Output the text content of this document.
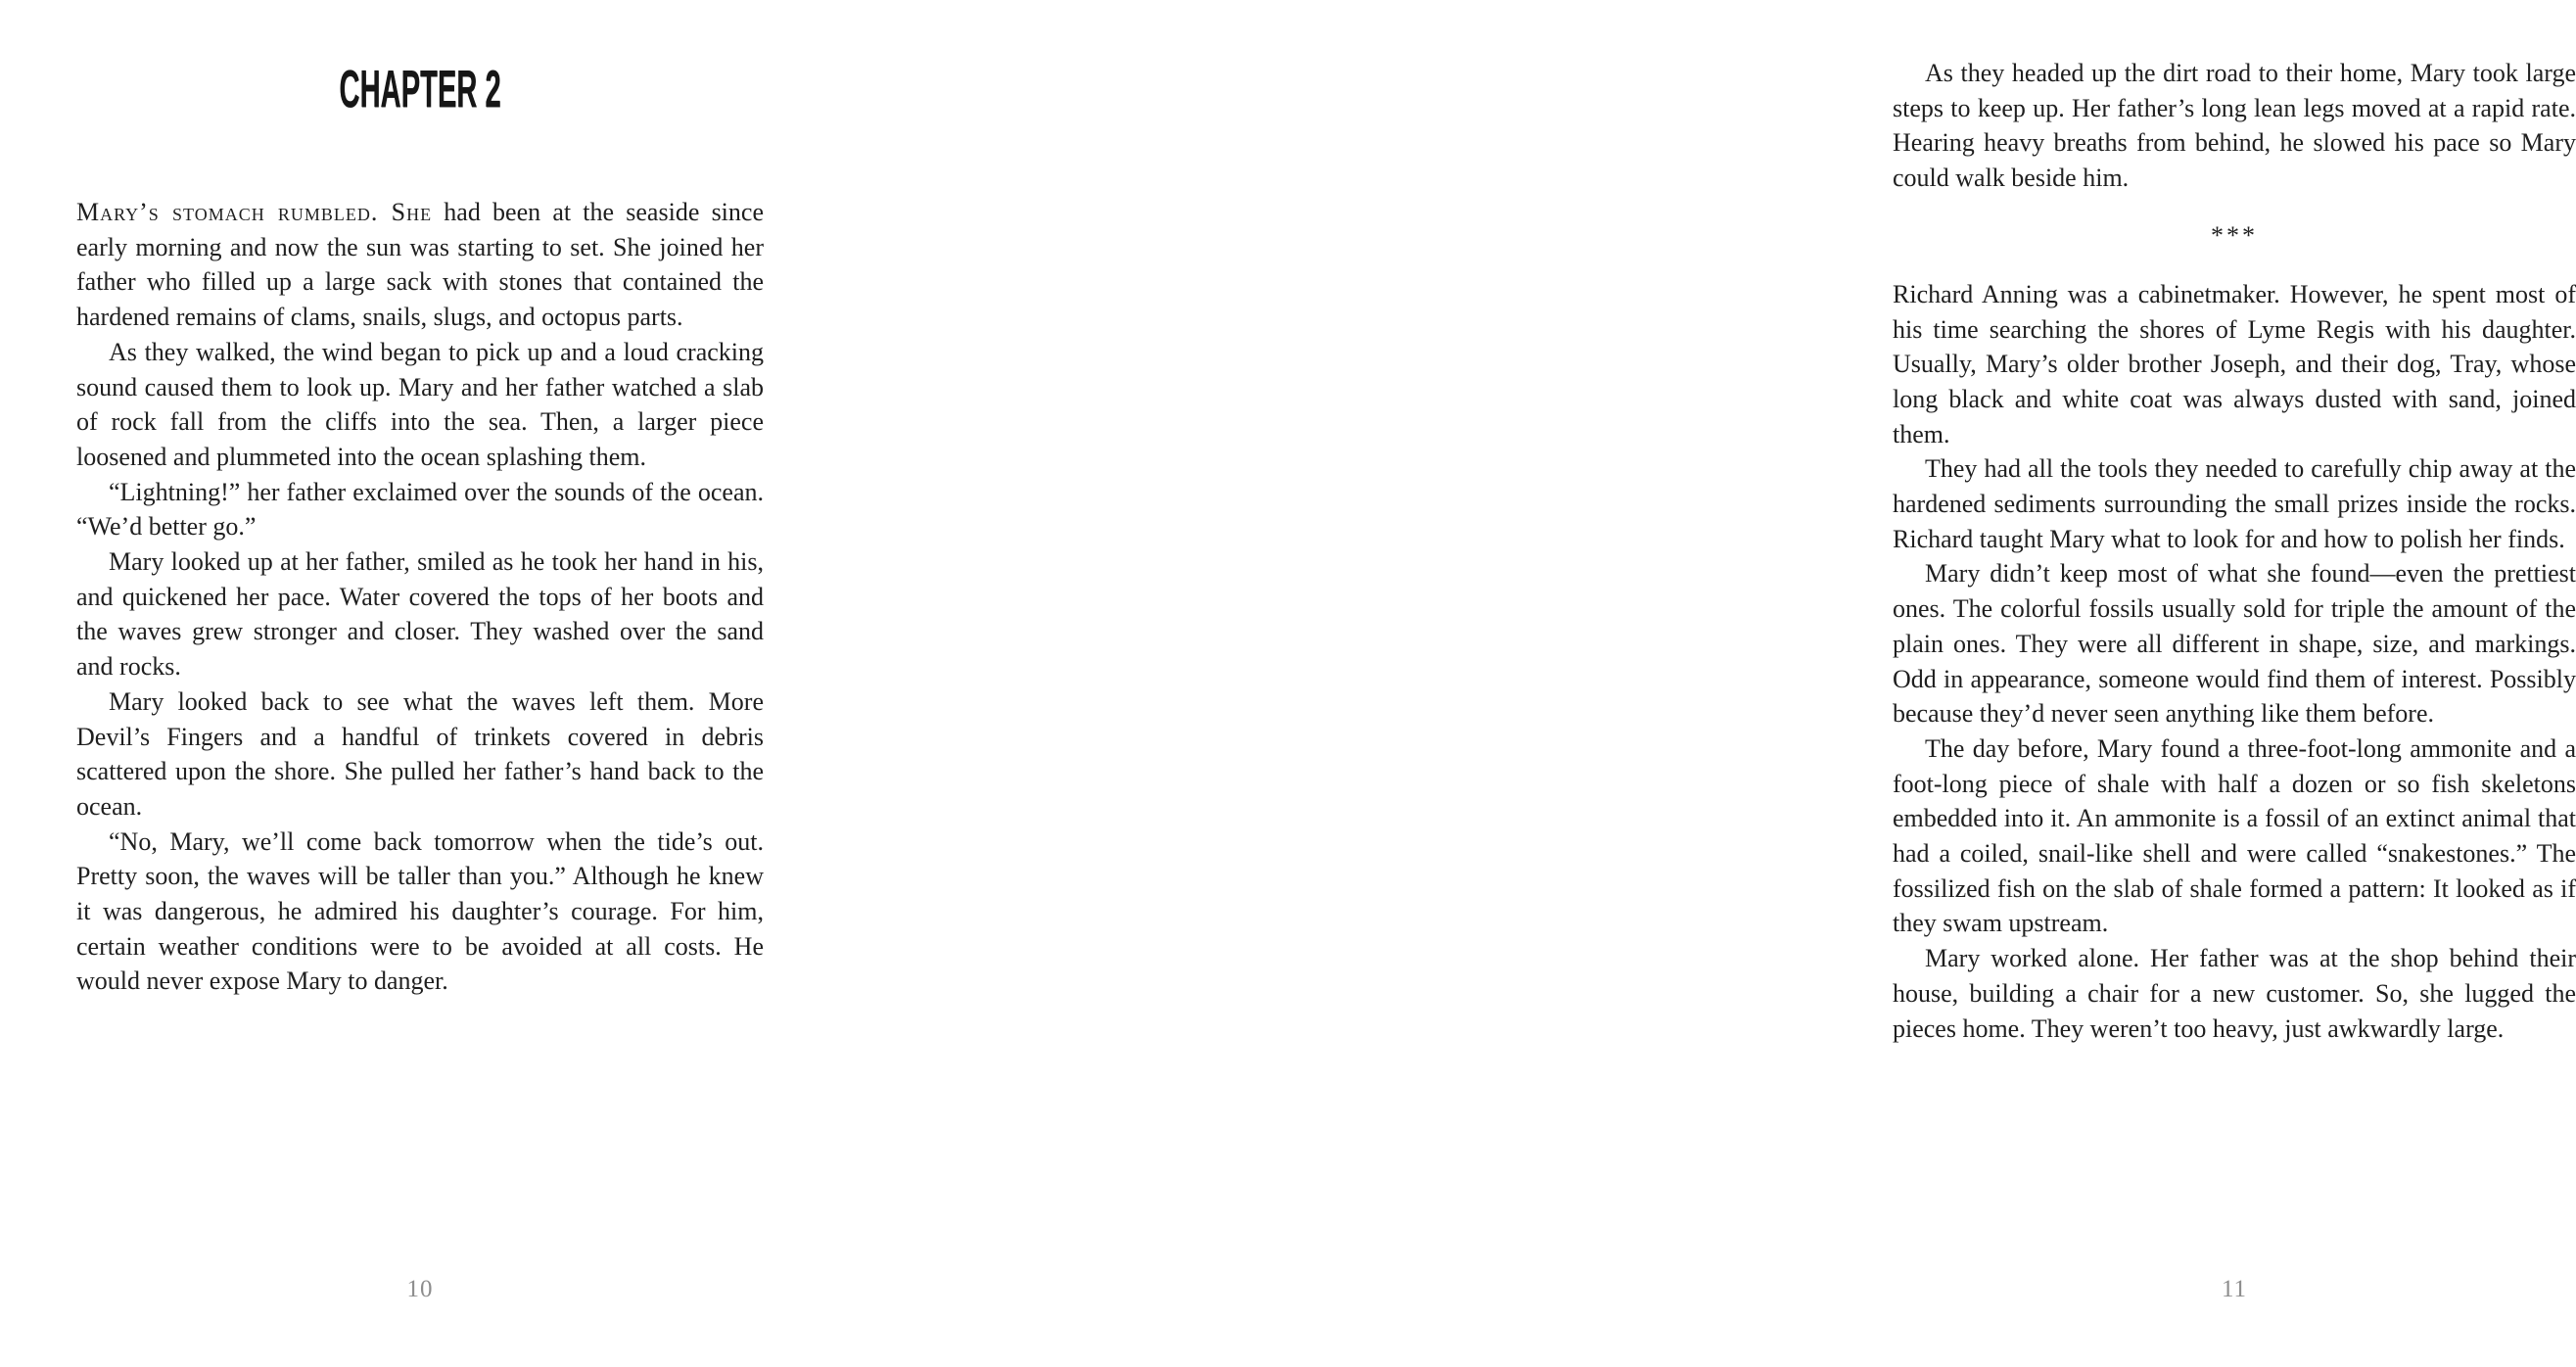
CHAPTER 2

Mary’s stomach rumbled. She had been at the seaside since early morning and now the sun was starting to set. She joined her father who filled up a large sack with stones that contained the hardened remains of clams, snails, slugs, and octopus parts.

As they walked, the wind began to pick up and a loud cracking sound caused them to look up. Mary and her father watched a slab of rock fall from the cliffs into the sea. Then, a larger piece loosened and plummeted into the ocean splashing them.

“Lightning!” her father exclaimed over the sounds of the ocean. “We’d better go.”

Mary looked up at her father, smiled as he took her hand in his, and quickened her pace. Water covered the tops of her boots and the waves grew stronger and closer. They washed over the sand and rocks.

Mary looked back to see what the waves left them. More Devil’s Fingers and a handful of trinkets covered in debris scattered upon the shore. She pulled her father’s hand back to the ocean.

“No, Mary, we’ll come back tomorrow when the tide’s out. Pretty soon, the waves will be taller than you.” Although he knew it was dangerous, he admired his daughter’s courage. For him, certain weather conditions were to be avoided at all costs. He would never expose Mary to danger.

10

As they headed up the dirt road to their home, Mary took large steps to keep up. Her father’s long lean legs moved at a rapid rate. Hearing heavy breaths from behind, he slowed his pace so Mary could walk beside him.

***

Richard Anning was a cabinetmaker. However, he spent most of his time searching the shores of Lyme Regis with his daughter. Usually, Mary’s older brother Joseph, and their dog, Tray, whose long black and white coat was always dusted with sand, joined them.

They had all the tools they needed to carefully chip away at the hardened sediments surrounding the small prizes inside the rocks. Richard taught Mary what to look for and how to polish her finds.

Mary didn’t keep most of what she found—even the prettiest ones. The colorful fossils usually sold for triple the amount of the plain ones. They were all different in shape, size, and markings. Odd in appearance, someone would find them of interest. Possibly because they’d never seen anything like them before.

The day before, Mary found a three-foot-long ammonite and a foot-long piece of shale with half a dozen or so fish skeletons embedded into it. An ammonite is a fossil of an extinct animal that had a coiled, snail-like shell and were called “snakestones.” The fossilized fish on the slab of shale formed a pattern: It looked as if they swam upstream.

Mary worked alone. Her father was at the shop behind their house, building a chair for a new customer. So, she lugged the pieces home. They weren’t too heavy, just awkwardly large.

11
